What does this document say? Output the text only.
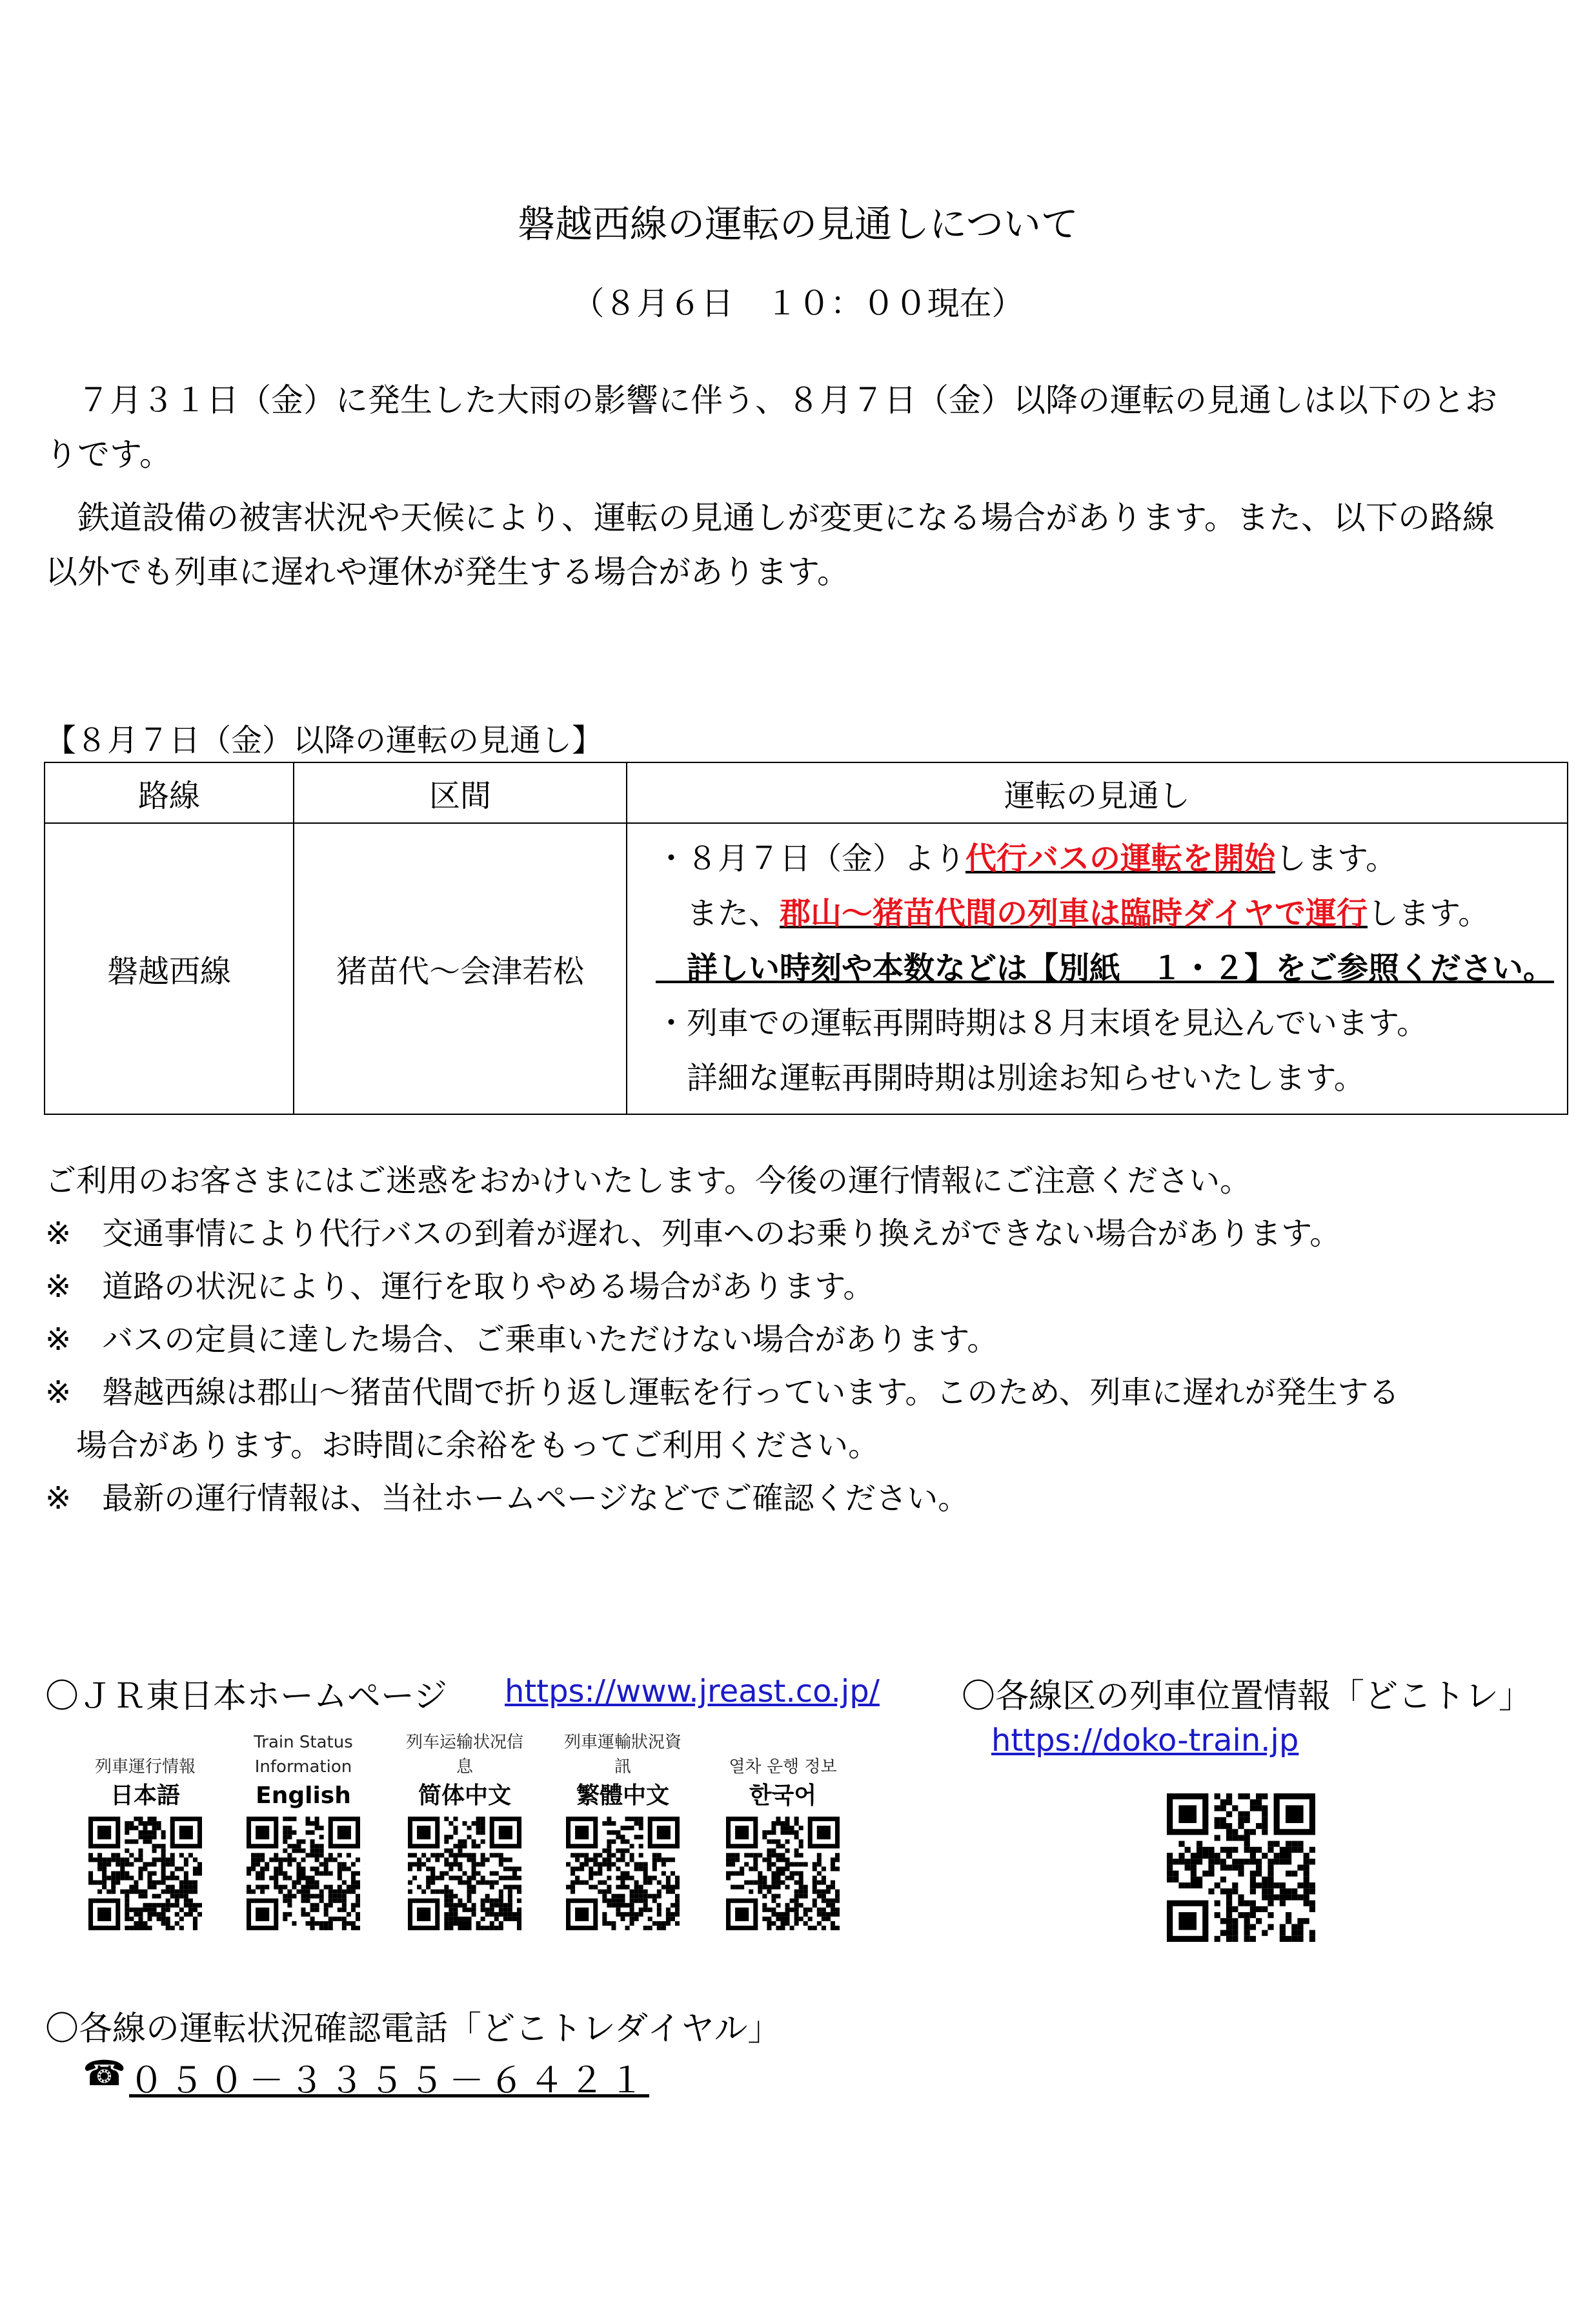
磐越西線の運転の見通しについて
（８月６日　１０：００現在）
　７月３１日（金）に発生した大雨の影響に伴う、８月７日（金）以降の運転の見通しは以下のとお
りです。
　鉄道設備の被害状況や天候により、運転の見通しが変更になる場合があります。また、以下の路線
以外でも列車に遅れや運休が発生する場合があります。
【８月７日（金）以降の運転の見通し】
路線	区間	運転の見通し
磐越西線	猪苗代～会津若松	・８月７日（金）より代行バスの運転を開始します。
　また、郡山～猪苗代間の列車は臨時ダイヤで運行します。
　詳しい時刻や本数などは【別紙　１・２】をご参照ください。
・列車での運転再開時期は８月末頃を見込んでいます。
　詳細な運転再開時期は別途お知らせいたします。
ご利用のお客さまにはご迷惑をおかけいたします。今後の運行情報にご注意ください。
※　交通事情により代行バスの到着が遅れ、列車へのお乗り換えができない場合があります。
※　道路の状況により、運行を取りやめる場合があります。
※　バスの定員に達した場合、ご乗車いただけない場合があります。
※　磐越西線は郡山～猪苗代間で折り返し運転を行っています。このため、列車に遅れが発生する
　場合があります。お時間に余裕をもってご利用ください。
※　最新の運行情報は、当社ホームページなどでご確認ください。
〇ＪＲ東日本ホームページ https://www.jreast.co.jp/
列車運行情報
日本語
Train Status
Information
English
列车运输状况信息
简体中文
列車運輸狀況資訊
繁體中文
열차 운행 정보
한국어
〇各線区の列車位置情報「どこトレ」
https://doko-train.jp
〇各線の運転状況確認電話「どこトレダイヤル」
☎ ０５０－３３５５－６４２１
